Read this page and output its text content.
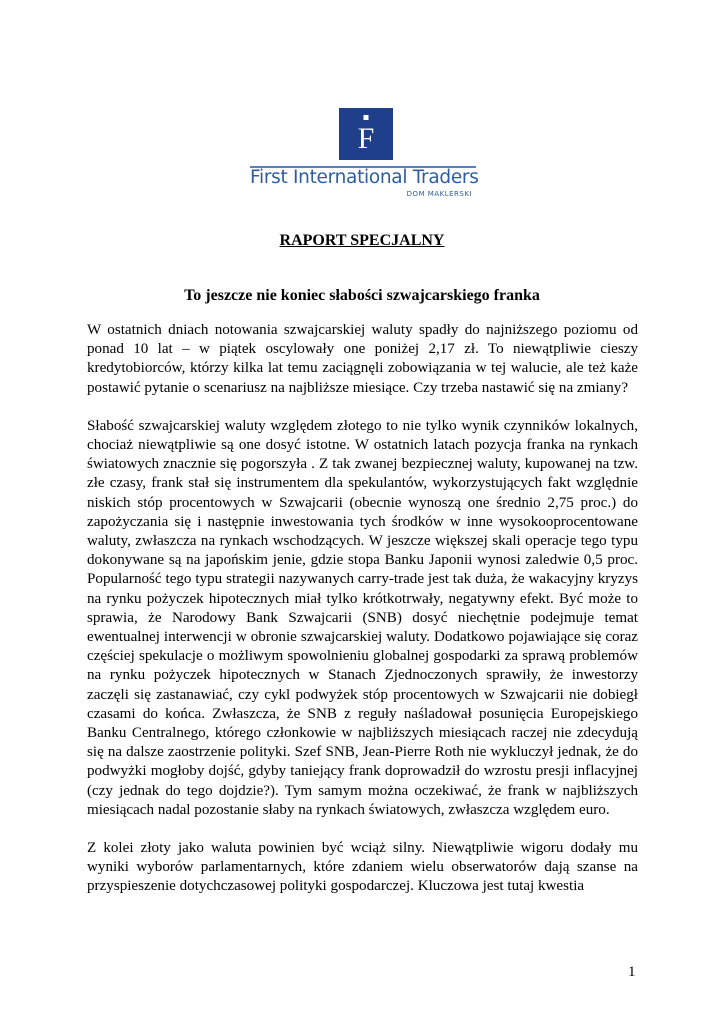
F
First International Traders
DOM MAKLERSKI
RAPORT SPECJALNY
To jeszcze nie koniec słabości szwajcarskiego franka

W ostatnich dniach notowania szwajcarskiej waluty spadły do najniższego poziomu od ponad 10 lat – w piątek oscylowały one poniżej 2,17 zł. To niewątpliwie cieszy kredytobiorców, którzy kilka lat temu zaciągnęli zobowiązania w tej walucie, ale też każe postawić pytanie o scenariusz na najbliższe miesiące. Czy trzeba nastawić się na zmiany?

Słabość szwajcarskiej waluty względem złotego to nie tylko wynik czynników lokalnych, chociaż niewątpliwie są one dosyć istotne. W ostatnich latach pozycja franka na rynkach światowych znacznie się pogorszyła . Z tak zwanej bezpiecznej waluty, kupowanej na tzw. złe czasy, frank stał się instrumentem dla spekulantów, wykorzystujących fakt względnie niskich stóp procentowych w Szwajcarii (obecnie wynoszą one średnio 2,75 proc.) do zapożyczania się i następnie inwestowania tych środków w inne wysokooprocentowane waluty, zwłaszcza na rynkach wschodzących. W jeszcze większej skali operacje tego typu dokonywane są na japońskim jenie, gdzie stopa Banku Japonii wynosi zaledwie 0,5 proc. Popularność tego typu strategii nazywanych carry-trade jest tak duża, że wakacyjny kryzys na rynku pożyczek hipotecznych miał tylko krótkotrwały, negatywny efekt. Być może to sprawia, że Narodowy Bank Szwajcarii (SNB) dosyć niechętnie podejmuje temat ewentualnej interwencji w obronie szwajcarskiej waluty. Dodatkowo pojawiające się coraz częściej spekulacje o możliwym spowolnieniu globalnej gospodarki za sprawą problemów na rynku pożyczek hipotecznych w Stanach Zjednoczonych sprawiły, że inwestorzy zaczęli się zastanawiać, czy cykl podwyżek stóp procentowych w Szwajcarii nie dobiegł czasami do końca. Zwłaszcza, że SNB z reguły naśladował posunięcia Europejskiego Banku Centralnego, którego członkowie w najbliższych miesiącach raczej nie zdecydują się na dalsze zaostrzenie polityki. Szef SNB, Jean-Pierre Roth nie wykluczył jednak, że do podwyżki mogłoby dojść, gdyby taniejący frank doprowadził do wzrostu presji inflacyjnej (czy jednak do tego dojdzie?). Tym samym można oczekiwać, że frank w najbliższych miesiącach nadal pozostanie słaby na rynkach światowych, zwłaszcza względem euro.

Z kolei złoty jako waluta powinien być wciąż silny. Niewątpliwie wigoru dodały mu wyniki wyborów parlamentarnych, które zdaniem wielu obserwatorów dają szanse na przyspieszenie dotychczasowej polityki gospodarczej. Kluczowa jest tutaj kwestia

1
